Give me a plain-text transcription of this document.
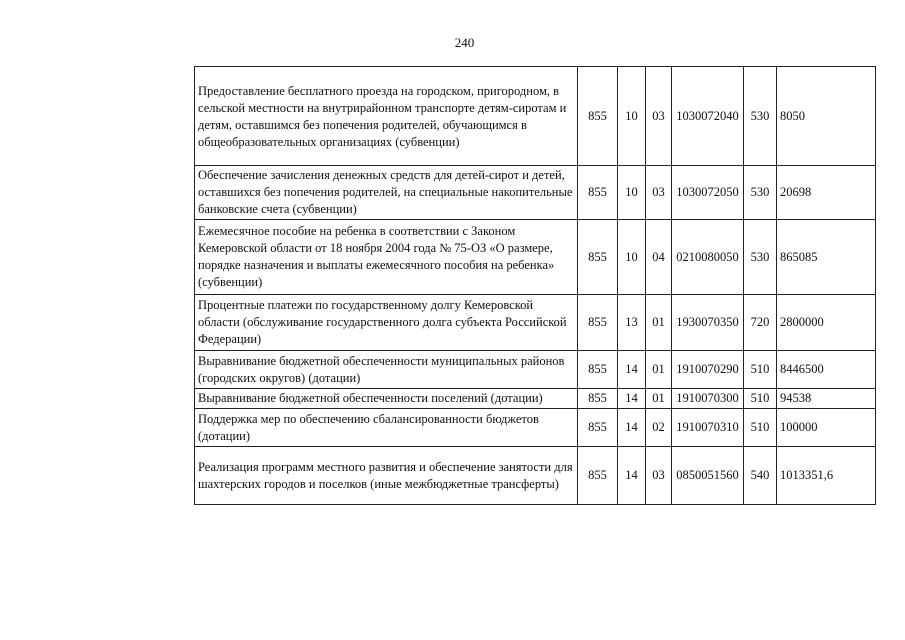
240
Предоставление бесплатного проезда на городском, пригородном, в сельской местности на внутрирайонном транспорте детям-сиротам и детям, оставшимся без попечения родителей, обучающимся в общеобразовательных организациях (субвенции)	855	10	03	1030072040	530	8050
Обеспечение зачисления денежных средств для детей-сирот и детей, оставшихся без попечения родителей, на специальные накопительные банковские счета (субвенции)	855	10	03	1030072050	530	20698
Ежемесячное пособие на ребенка в соответствии с Законом Кемеровской области от 18 ноября 2004 года № 75-ОЗ «О размере, порядке назначения и выплаты ежемесячного пособия на ребенка» (субвенции)	855	10	04	0210080050	530	865085
Процентные платежи по государственному долгу Кемеровской области (обслуживание государственного долга субъекта Российской Федерации)	855	13	01	1930070350	720	2800000
Выравнивание бюджетной обеспеченности муниципальных районов (городских округов) (дотации)	855	14	01	1910070290	510	8446500
Выравнивание бюджетной обеспеченности поселений (дотации)	855	14	01	1910070300	510	94538
Поддержка мер по обеспечению сбалансированности бюджетов (дотации)	855	14	02	1910070310	510	100000
Реализация программ местного развития и обеспечение занятости для шахтерских городов и поселков (иные межбюджетные трансферты)	855	14	03	0850051560	540	1013351,6
